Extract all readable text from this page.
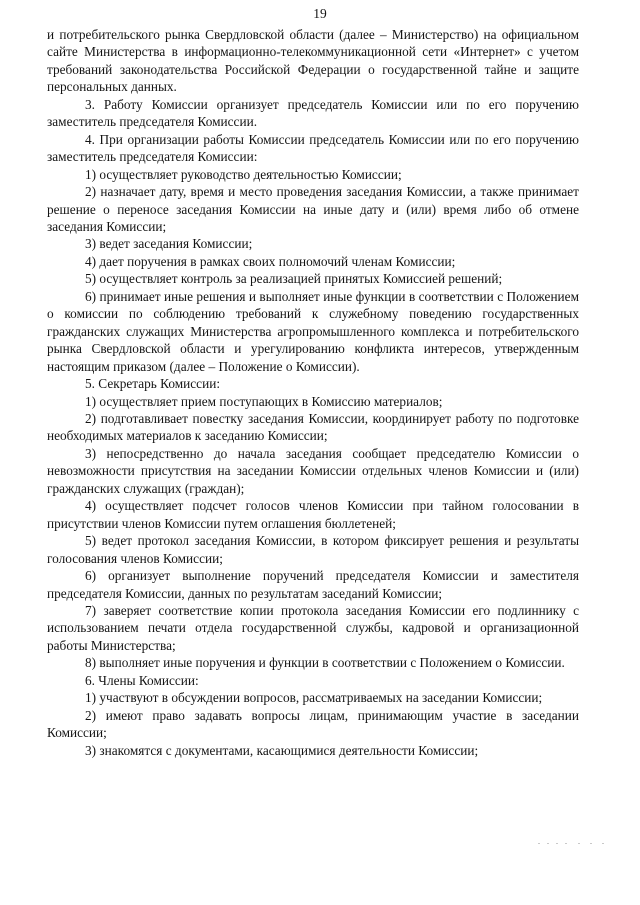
19

и потребительского рынка Свердловской области (далее – Министерство) на официальном сайте Министерства в информационно-телекоммуникационной сети «Интернет» с учетом требований законодательства Российской Федерации о государственной тайне и защите персональных данных.

3. Работу Комиссии организует председатель Комиссии или по его поручению заместитель председателя Комиссии.

4. При организации работы Комиссии председатель Комиссии или по его поручению заместитель председателя Комиссии:

1) осуществляет руководство деятельностью Комиссии;

2) назначает дату, время и место проведения заседания Комиссии, а также принимает решение о переносе заседания Комиссии на иные дату и (или) время либо об отмене заседания Комиссии;

3) ведет заседания Комиссии;

4) дает поручения в рамках своих полномочий членам Комиссии;

5) осуществляет контроль за реализацией принятых Комиссией решений;

6) принимает иные решения и выполняет иные функции в соответствии с Положением о комиссии по соблюдению требований к служебному поведению государственных гражданских служащих Министерства агропромышленного комплекса и потребительского рынка Свердловской области и урегулированию конфликта интересов, утвержденным настоящим приказом (далее – Положение о Комиссии).

5. Секретарь Комиссии:

1) осуществляет прием поступающих в Комиссию материалов;

2) подготавливает повестку заседания Комиссии, координирует работу по подготовке необходимых материалов к заседанию Комиссии;

3) непосредственно до начала заседания сообщает председателю Комиссии о невозможности присутствия на заседании Комиссии отдельных членов Комиссии и (или) гражданских служащих (граждан);

4) осуществляет подсчет голосов членов Комиссии при тайном голосовании в присутствии членов Комиссии путем оглашения бюллетеней;

5) ведет протокол заседания Комиссии, в котором фиксирует решения и результаты голосования членов Комиссии;

6) организует выполнение поручений председателя Комиссии и заместителя председателя Комиссии, данных по результатам заседаний Комиссии;

7) заверяет соответствие копии протокола заседания Комиссии его подлиннику с использованием печати отдела государственной службы, кадровой и организационной работы Министерства;

8) выполняет иные поручения и функции в соответствии с Положением о Комиссии.

6. Члены Комиссии:

1) участвуют в обсуждении вопросов, рассматриваемых на заседании Комиссии;

2) имеют право задавать вопросы лицам, принимающим участие в заседании Комиссии;

3) знакомятся с документами, касающимися деятельности Комиссии;
